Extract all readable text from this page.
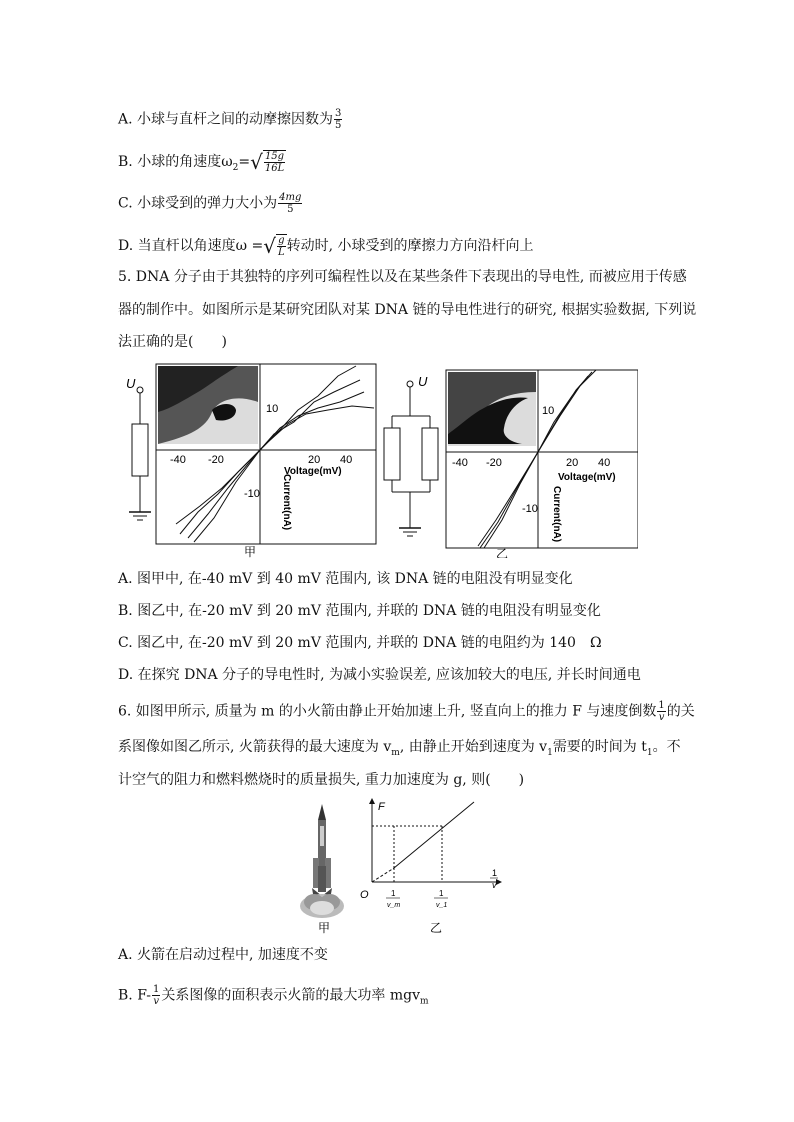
A. 小球与直杆之间的动摩擦因数为 $\frac{3}{5}$
B. 小球的角速度$\omega_2=√ \frac{15g}{16L}$
C. 小球受到的弹力大小为 $\frac{4mg}{5}$
D. 当直杆以角速度ω =√ $\frac{g}{L}$ 转动时, 小球受到的摩擦力方向沿杆向上
5. DNA 分子由于其独特的序列可编程性以及在某些条件下表现出的导电性, 而被应用于传感
器的制作中。如图所示是某研究团队对某 DNA 链的导电性进行的研究, 根据实验数据, 下列说
法正确的是(　　)
U
-40 -20	20 40
10
-10
Voltage(mV)
Current(nA)
U
-40 -20	20 40
10
-10
Voltage(mV)
Current(nA)
甲	乙
A. 图甲中, 在-40 mV 到 40 mV 范围内, 该 DNA 链的电阻没有明显变化
B. 图乙中, 在-20 mV 到 20 mV 范围内, 并联的 DNA 链的电阻没有明显变化
C. 图乙中, 在-20 mV 到 20 mV 范围内, 并联的 DNA 链的电阻约为 140　Ω
D. 在探究 DNA 分子的导电性时, 为减小实验误差, 应该加较大的电压, 并长时间通电
6. 如图甲所示, 质量为 m 的小火箭由静止开始加速上升, 竖直向上的推力 F 与速度倒数 $\frac{1}{v}$ 的关
系图像如图乙所示, 火箭获得的最大速度为 $v_m$, 由静止开始到速度为 $v_1$需要的时间为 $t_1$。不
计空气的阻力和燃料燃烧时的质量损失, 重力加速度为 g, 则(　　)
甲
F
O
1
v
1
v_m
1
v_1
乙
A. 火箭在启动过程中, 加速度不变
B. $F- \frac{1}{v}$ 关系图像的面积表示火箭的最大功率 mgv$_m$
